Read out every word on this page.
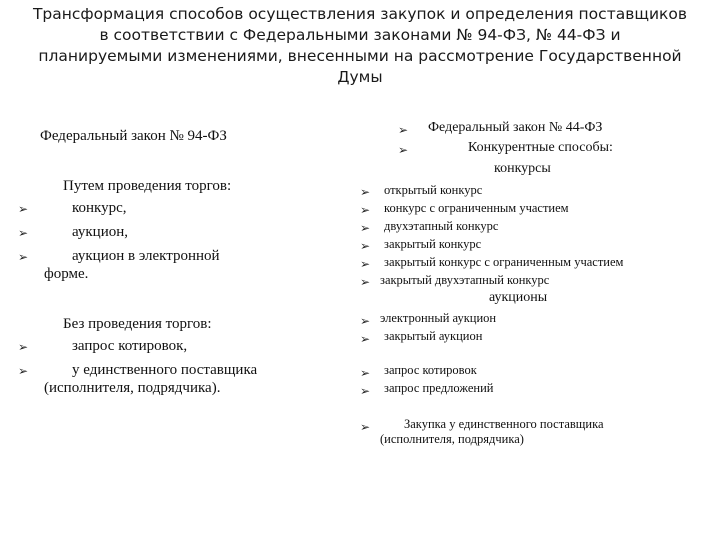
Трансформация способов осуществления закупок и определения поставщиков
в соответствии с Федеральными законами № 94-ФЗ, № 44-ФЗ и
планируемыми изменениями, внесенными на рассмотрение Государственной
Думы
Федеральный закон № 94-ФЗ
Путем проведения торгов:
➢	конкурс,
➢	аукцион,
➢	аукцион в электронной
форме.
Без проведения торгов:
➢	запрос котировок,
➢	у единственного поставщика
(исполнителя, подрядчика).
➢ Федеральный закон № 44-ФЗ
➢	Конкурентные способы:
конкурсы
➢ открытый конкурс
➢ конкурс с ограниченным участием
➢ двухэтапный конкурс
➢ закрытый конкурс
➢ закрытый конкурс с ограниченным участием
➢ закрытый двухэтапный конкурс
аукционы
➢ электронный аукцион
➢ закрытый аукцион
➢ запрос котировок
➢ запрос предложений
➢	Закупка у единственного поставщика
(исполнителя, подрядчика)
